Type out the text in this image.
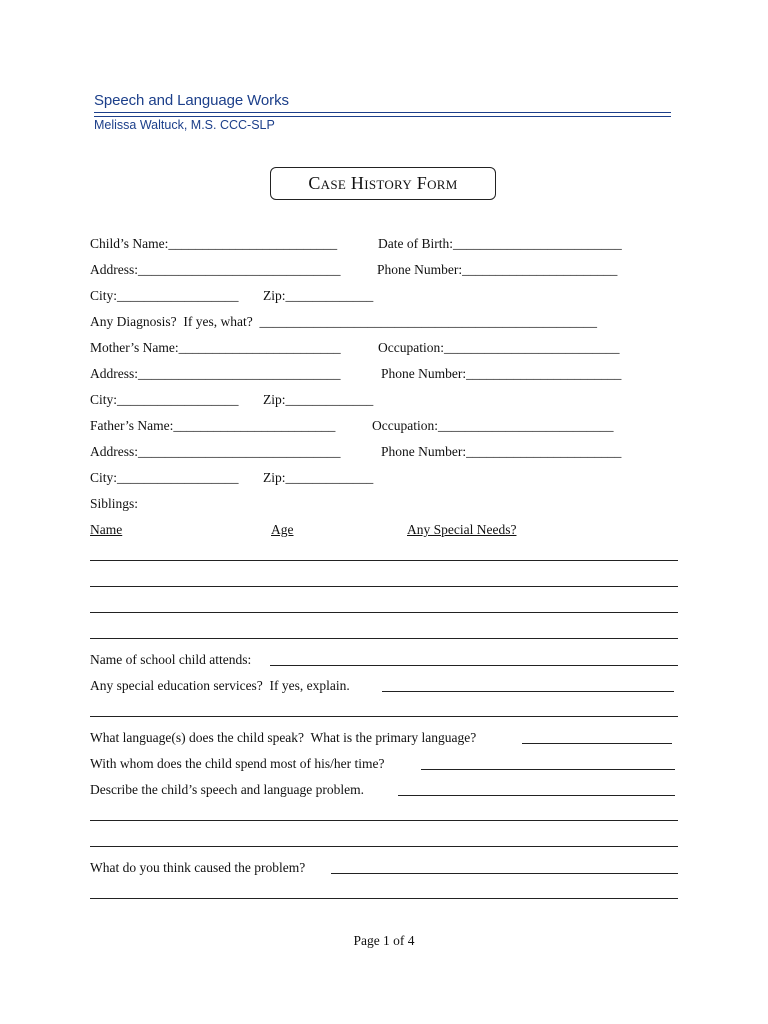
Speech and Language Works
Melissa Waltuck, M.S. CCC-SLP
Case History Form
Child’s Name:_________________________	Date of Birth:_________________________
Address:______________________________	Phone Number:_______________________
City:__________________ Zip:_____________
Any Diagnosis?  If yes, what?  __________________________________________________
Mother’s Name:________________________	Occupation:__________________________
Address:______________________________	Phone Number:_______________________
City:__________________ Zip:_____________
Father’s Name:________________________	Occupation:__________________________
Address:______________________________	Phone Number:_______________________
City:__________________ Zip:_____________
Siblings:
Name	Age	Any Special Needs?
Name of school child attends:
Any special education services?  If yes, explain.
What language(s) does the child speak?  What is the primary language?
With whom does the child spend most of his/her time?
Describe the child’s speech and language problem.
What do you think caused the problem?
Page 1 of 4
